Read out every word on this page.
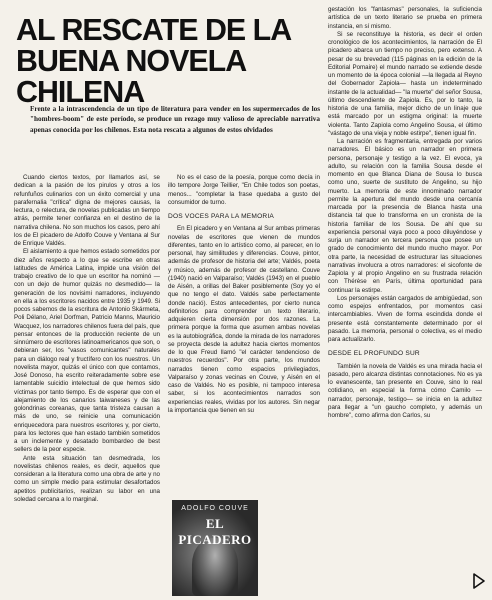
AL RESCATE DE LA
BUENA NOVELA CHILENA
Frente a la intrascendencia de un tipo de literatura para vender en los supermercados de los "hombres-boom" de este período, se produce un rezago muy valioso de apreciable narrativa apenas conocida por los chilenos. Esta nota rescata a algunos de estos olvidados

Cuando ciertos textos, por llamarlos así, se dedican a la pasión de los pirulos y otros a los refunfuños culinarios con un éxito comercial y una parafernalia "crítica" digna de mejores causas, la lectura, o relectura, de novelas publicadas un tiempo atrás, permite tener confianza en el destino de la narrativa chilena. No son muchos los casos, pero ahí los de El picadero de Adolfo Couve y Ventana al Sur de Enrique Valdés.

El aislamiento a que hemos estado sometidos por diez años respecto a lo que se escribe en otras latitudes de América Latina, impide una visión del trabajo creativo de lo que un escritor ha nominó —con un dejo de humor quizás no desmedido— la generación de los novisimi narradores, incluyendo en ella a los escritores nacidos entre 1935 y 1949. Si pocos sabemos de la escritura de Antonio Skármeta, Poli Délano, Ariel Dorfman, Patricio Manns, Mauricio Wacquez, los narradores chilenos fuera del país, que pensar entonces de la producción reciente de un sinnúmero de escritores latinoamericanos que son, o debieran ser, los "vasos comunicantes" naturales para un diálogo real y fructífero con los nuestros. Un novelista mayor, quizás el único con que contamos, José Donoso, ha escrito reiteradamente sobre ese lamentable suicidio intelectual de que hemos sido víctimas por tanto tiempo. Es de esperar que con el alejamiento de los canarios taiwaneses y de las golondrinas coreanas, que tanta tristeza causan a más de uno, se reinicie una comunicación enriquecedora para nuestros escritores y, por cierto, para los lectores que han estado también sometidos a un inclemente y desatado bombardeo de best sellers de la peor especie.

Ante esta situación tan desmedrada, los novelistas chilenos reales, es decir, aquellos que consideran a la literatura como una obra de arte y no como un simple medio para estimular desafortados apetitos publicitarios, realizan su labor en una soledad cercana a lo marginal.

No es el caso de la poesía, porque como decía in illo tempore Jorge Teillier, "En Chile todos son poetas, menos... "completar la frase quedaba a gusto del consumidor de turno.

DOS VOCES PARA LA MEMORIA

En El picadero y en Ventana al Sur ambas primeras novelas de escritores que vienen de mundos diferentes, tanto en lo artístico como, al parecer, en lo personal, hay similitudes y diferencias. Couve, pintor, además de profesor de historia del arte; Valdés, poeta y músico, además de profesor de castellano. Couve (1940) nació en Valparaíso; Valdés (1943) en el pueblo de Aisén, a orillas del Baker posiblemente (Soy yo el que no tengo el dato. Valdés sabe perfectamente donde nació). Estos antecedentes, por cierto nunca definitorios para comprender un texto literario, adquieren cierta dimensión por dos razones. La primera porque la forma que asumen ambas novelas es la autobiográfica, donde la mirada de los narradores se proyecta desde la adultez hacia ciertos momentos de lo que Freud llamó "el carácter tendencioso de nuestros recuerdos". Por otra parte, los mundos narrados tienen como espacios privilegiados, Valparaíso y zonas vecinas en Couve, y Aisén en el caso de Valdés. No es posible, ni tampoco interesa saber, si los acontecimientos narrados son experiencias reales, vividas por los autores. Sin negar la importancia que tienen en su

gestación los "fantasmas" personales, la suficiencia artística de un texto literario se prueba en primera instancia, en sí mismo.

Si se reconstituye la historia, es decir el orden cronológico de los acontecimientos, la narración de El picadero abarca un tiempo no preciso, pero extenso. A pesar de su brevedad (115 páginas en la edición de la Editorial Pomaire) el mundo narrado se extiende desde un momento de la época colonial —la llegada al Reyno del Gobernador Zapiola— hasta un indeterminado instante de la actualidad— "la muerte" del señor Sousa, último descendiente de Zapiola. Es, por lo tanto, la historia de una familia, mejor dicho de un linaje que está marcado por un estigma original: la muerte violenta. Tanto Zapiola como Angelino Sousa, el último "vástago de una vieja y noble estirpe", tienen igual fin.

La narración es fragmentaria, entregada por varios narradores. El básico es un narrador en primera persona, personaje y testigo a la vez. El evoca, ya adulto, su relación con la familia Sousa desde el momento en que Blanca Diana de Sousa lo busca como uno, suerte de sustituto de Angelino, su hijo muerto. La memoria de este innominado narrador permite la apertura del mundo desde una cercanía marcada por la presencia de Blanca hasta una distancia tal que lo transforma en un cronista de la historia familiar de los Sousa. De ahí que su experiencia personal vaya poco a poco diluyéndose y surja un narrador en tercera persona que posee un grado de conocimiento del mundo mucho mayor. Por otra parte, la necesidad de estructurar las situaciones narrativas involucra a otros narradores: el sicofonte de Zapiola y al propio Angelino en su frustrada relación con Thérèse en París, última oportunidad para continuar la estirpe.

Los personajes están cargados de ambigüedad, son como espejos enfrentados, por momentos casi intercambiables. Viven de forma escindida donde el presente está constantemente determinado por el pasado. La memoria, personal o colectiva, es el medio para actualizarlo.

DESDE EL PROFUNDO SUR

También la novela de Valdés es una mirada hacia el pasado, pero alcanza distintas connotaciones. No es ya lo evanescente, tan presente en Couve, sino lo real cotidiano, en especial la forma cómo Camilo —narrador, personaje, testigo— se inicia en la adultez para llegar a "un gaucho completo, y además un hombre", como afirma don Carlos, su

ADOLFO COUVE
EL PICADERO
